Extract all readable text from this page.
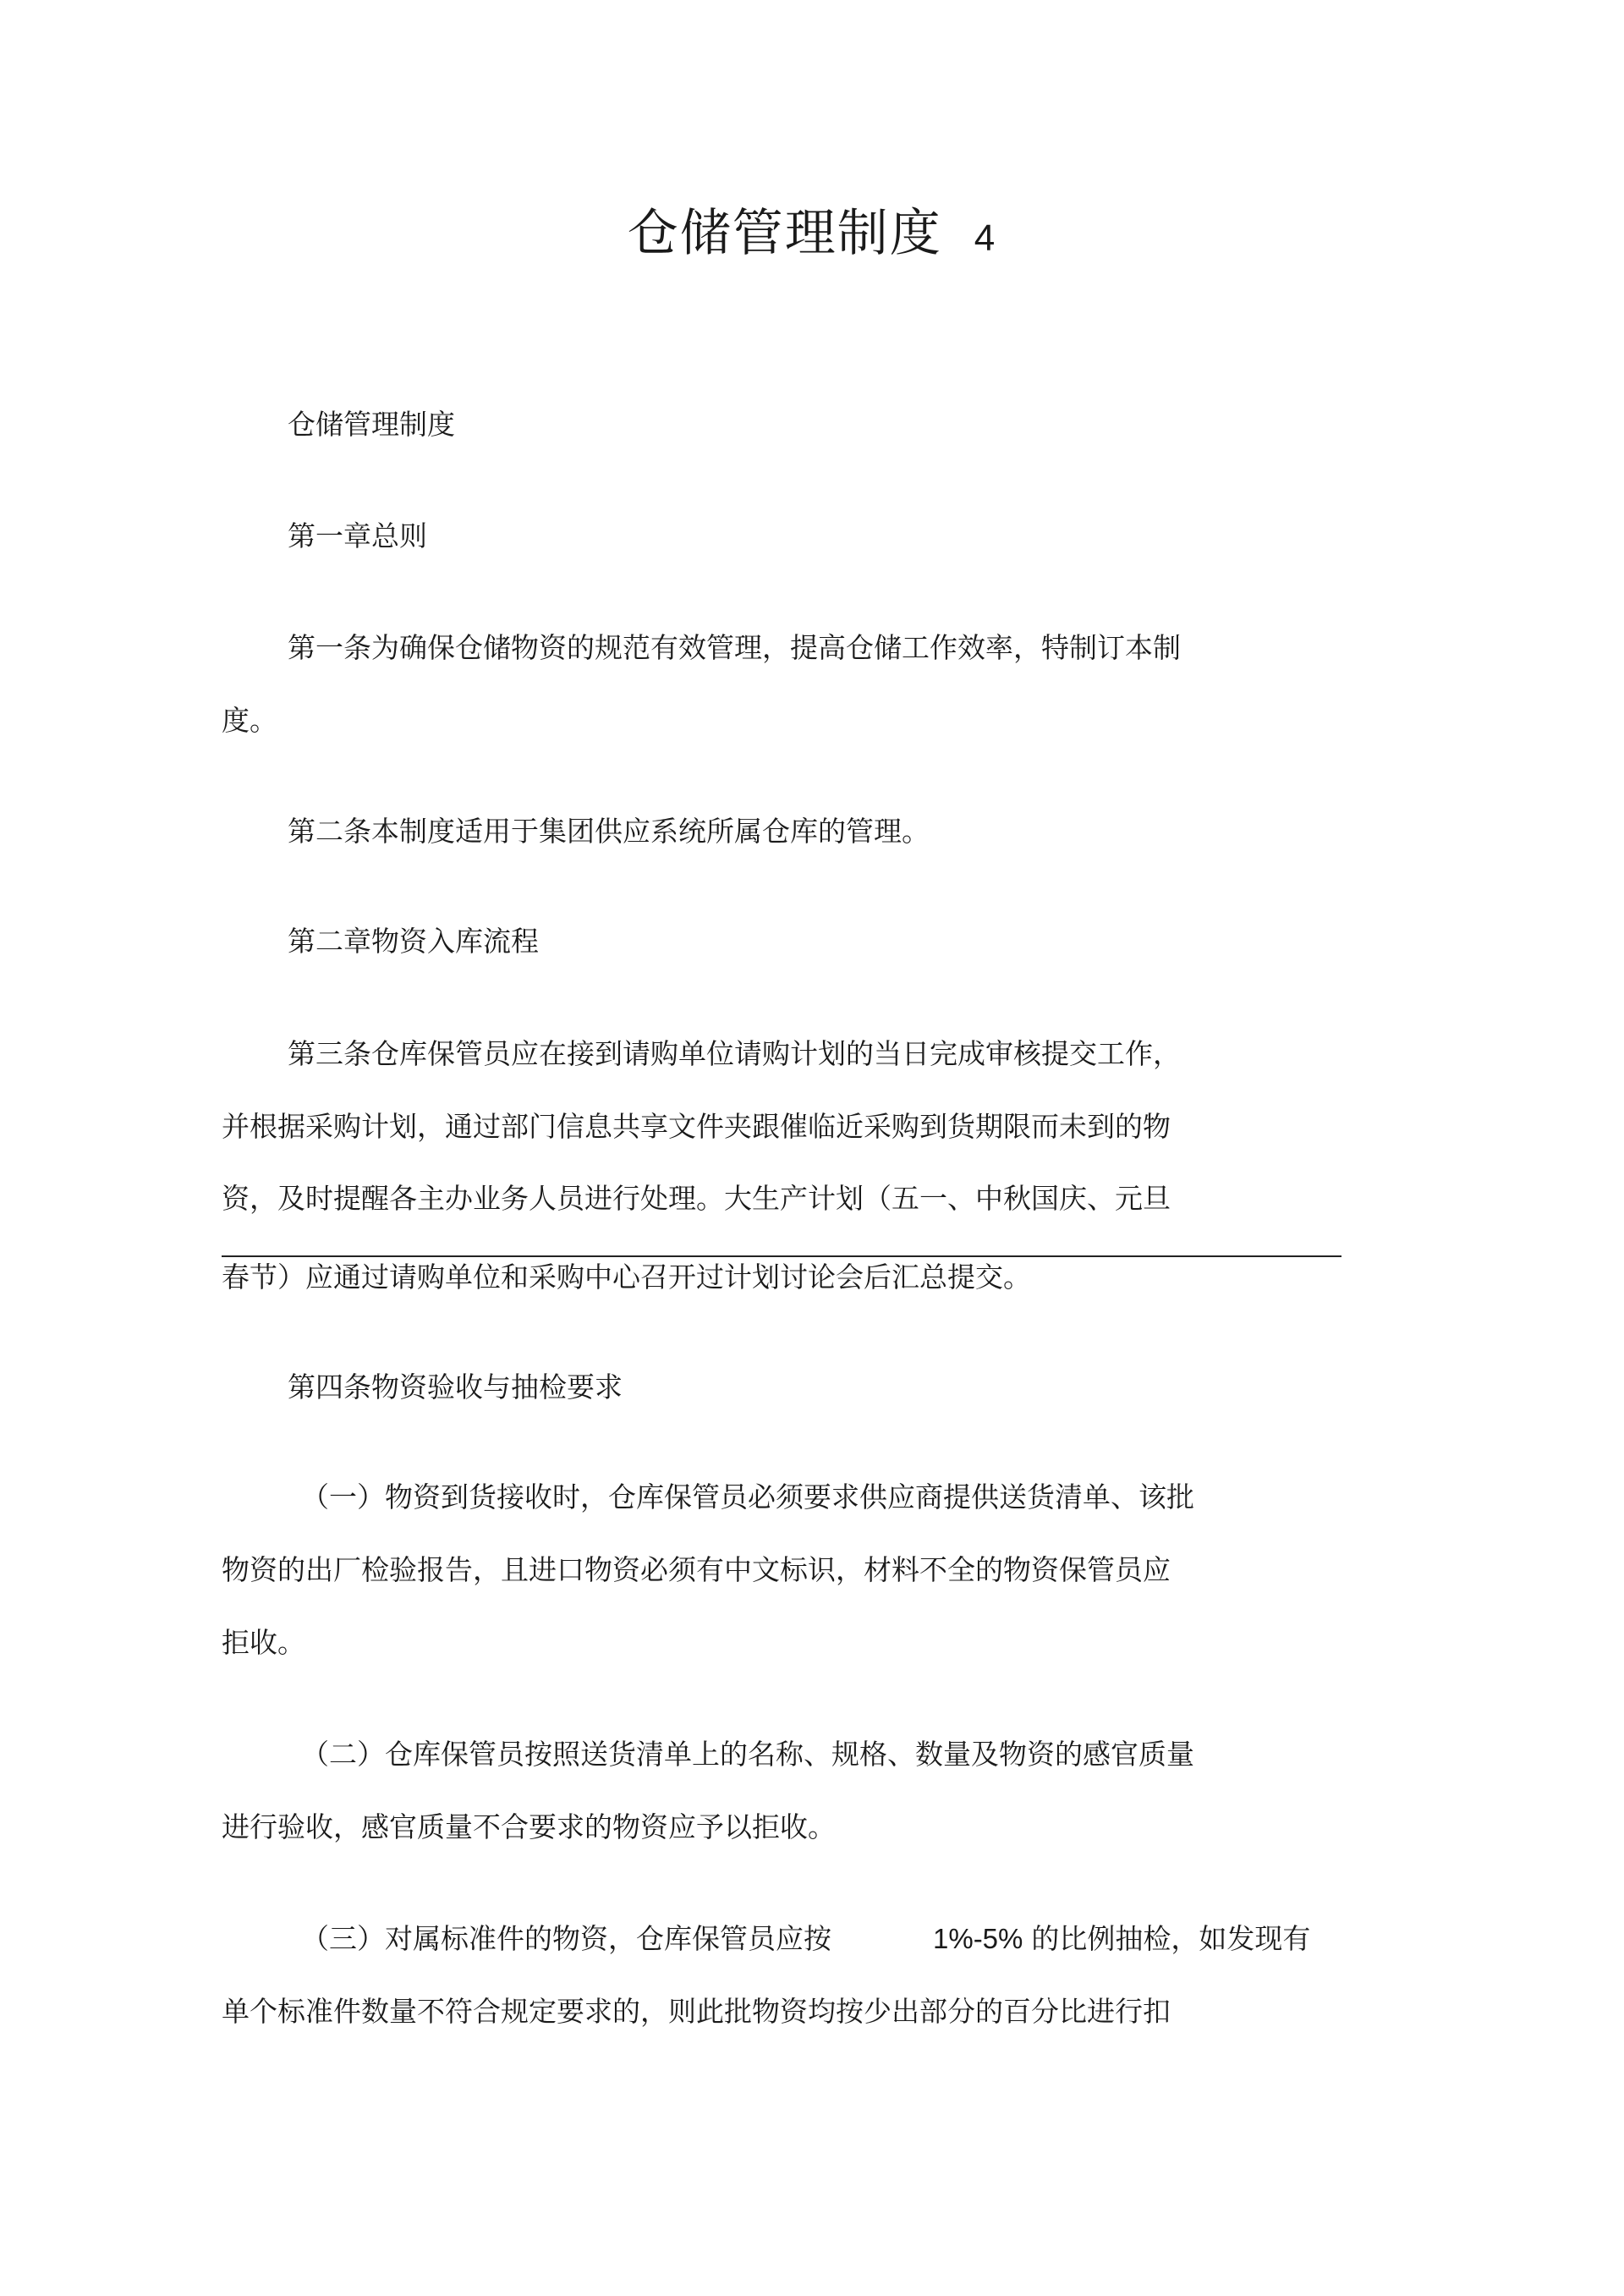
仓储管理制度 4
仓储管理制度
第一章总则
第一条为确保仓储物资的规范有效管理，提高仓储工作效率，特制订本制
度。
第二条本制度适用于集团供应系统所属仓库的管理。
第二章物资入库流程
第三条仓库保管员应在接到请购单位请购计划的当日完成审核提交工作，
并根据采购计划，通过部门信息共享文件夹跟催临近采购到货期限而未到的物
资，及时提醒各主办业务人员进行处理。大生产计划（五一、中秋国庆、元旦
春节）应通过请购单位和采购中心召开过计划讨论会后汇总提交。
第四条物资验收与抽检要求
（一）物资到货接收时，仓库保管员必须要求供应商提供送货清单、该批
物资的出厂检验报告，且进口物资必须有中文标识，材料不全的物资保管员应
拒收。
（二）仓库保管员按照送货清单上的名称、规格、数量及物资的感官质量
进行验收，感官质量不合要求的物资应予以拒收。
（三）对属标准件的物资，仓库保管员应按	1%-5% 的比例抽检，如发现有
单个标准件数量不符合规定要求的，则此批物资均按少出部分的百分比进行扣
